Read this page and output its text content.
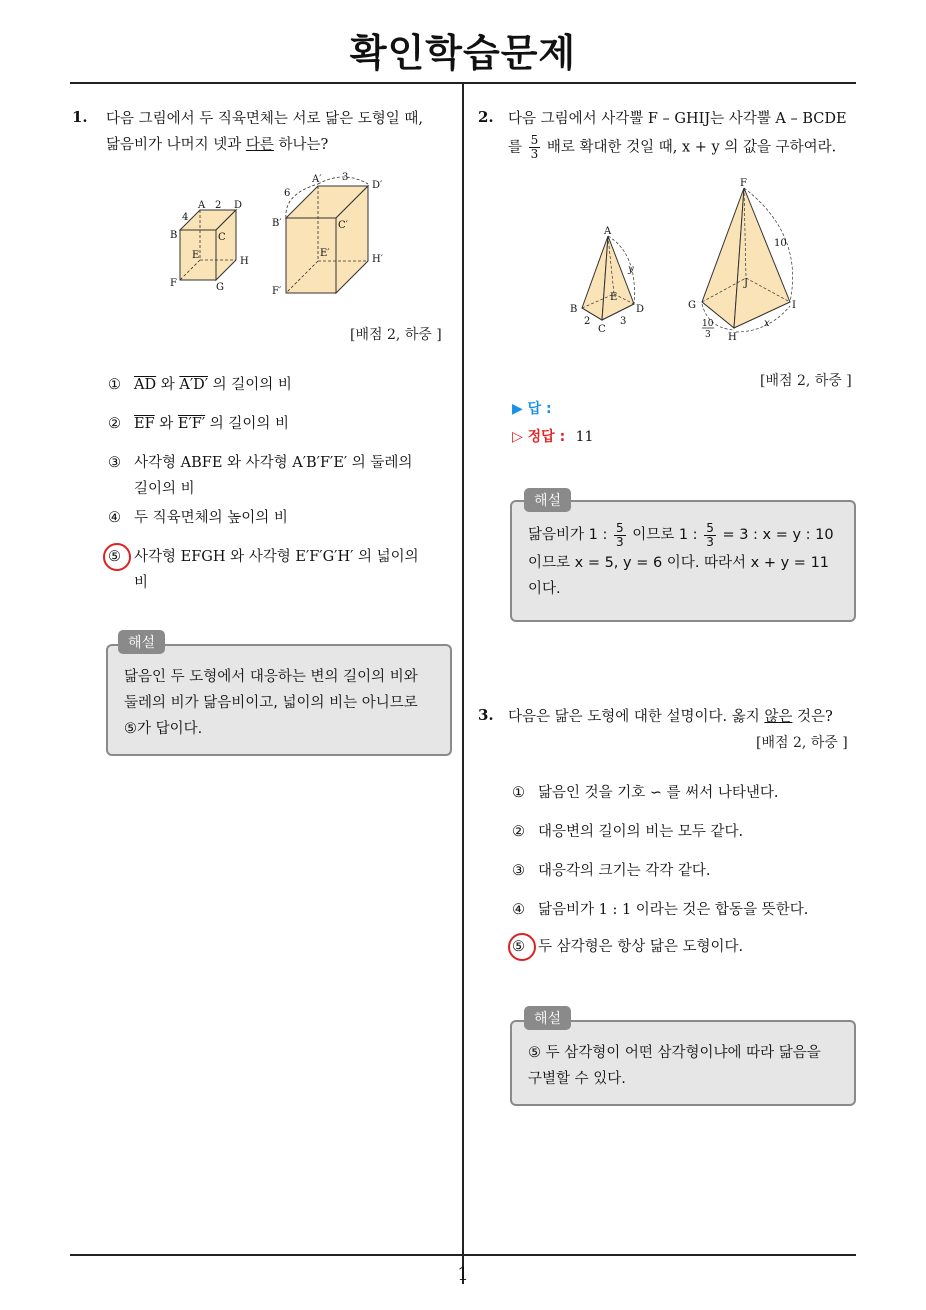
확인학습문제
1
1. 다음 그림에서 두 직육면체는 서로 닮은 도형일 때,
닮음비가 나머지 넷과 다른 하나는?
A 2 D
4
B	C
E
H
F	G
A′ 3
D′
6
B′	C′
E′
H′
F′
[배점 2, 하중 ]
① $\overline{AD}$ 와 A′D′ 의 길이의 비
② $\overline{EF}$ 와 E′F′ 의 길이의 비
③ 사각형 ABFE 와 사각형 A′B′F′E′ 의 둘레의
길이의 비
④ 두 직육면체의 높이의 비
⑤ 사각형 EFGH 와 사각형 E′F′G′H′ 의 넓이의
비
닮음인 두 도형에서 대응하는 변의 길이의 비와
둘레의 비가 닮음비이고, 넓이의 비는 아니므로
⑤가 답이다.
해설
2. 다음 그림에서 사각뿔 F – GHIJ는 사각뿔 A – BCDE
를 $\frac{5}{3}$ 배로 확대한 것일 때, x + y 의 값을 구하여라.
A
y
E
B	D
2	3
C
F
10
J
G	I
x
10
3 H
[배점 2, 하중 ]
▶ 답 :
▷ 정답 : 11
닮음비가 1 : $\frac{5}{3}$ 이므로 1 : $\frac{5}{3} = 3$ : x = y : 10
이므로 x = 5, y = 6 이다. 따라서 x + y = 11
이다.
해설
3. 다음은 닮은 도형에 대한 설명이다. 옳지 않은 것은?
[배점 2, 하중 ]
① 닮음인 것을 기호 ∽ 를 써서 나타낸다.
② 대응변의 길이의 비는 모두 같다.
③ 대응각의 크기는 각각 같다.
④ 닮음비가 1 : 1 이라는 것은 합동을 뜻한다.
⑤ 두 삼각형은 항상 닮은 도형이다.
⑤ 두 삼각형이 어떤 삼각형이냐에 따라 닮음을
구별할 수 있다.
해설
